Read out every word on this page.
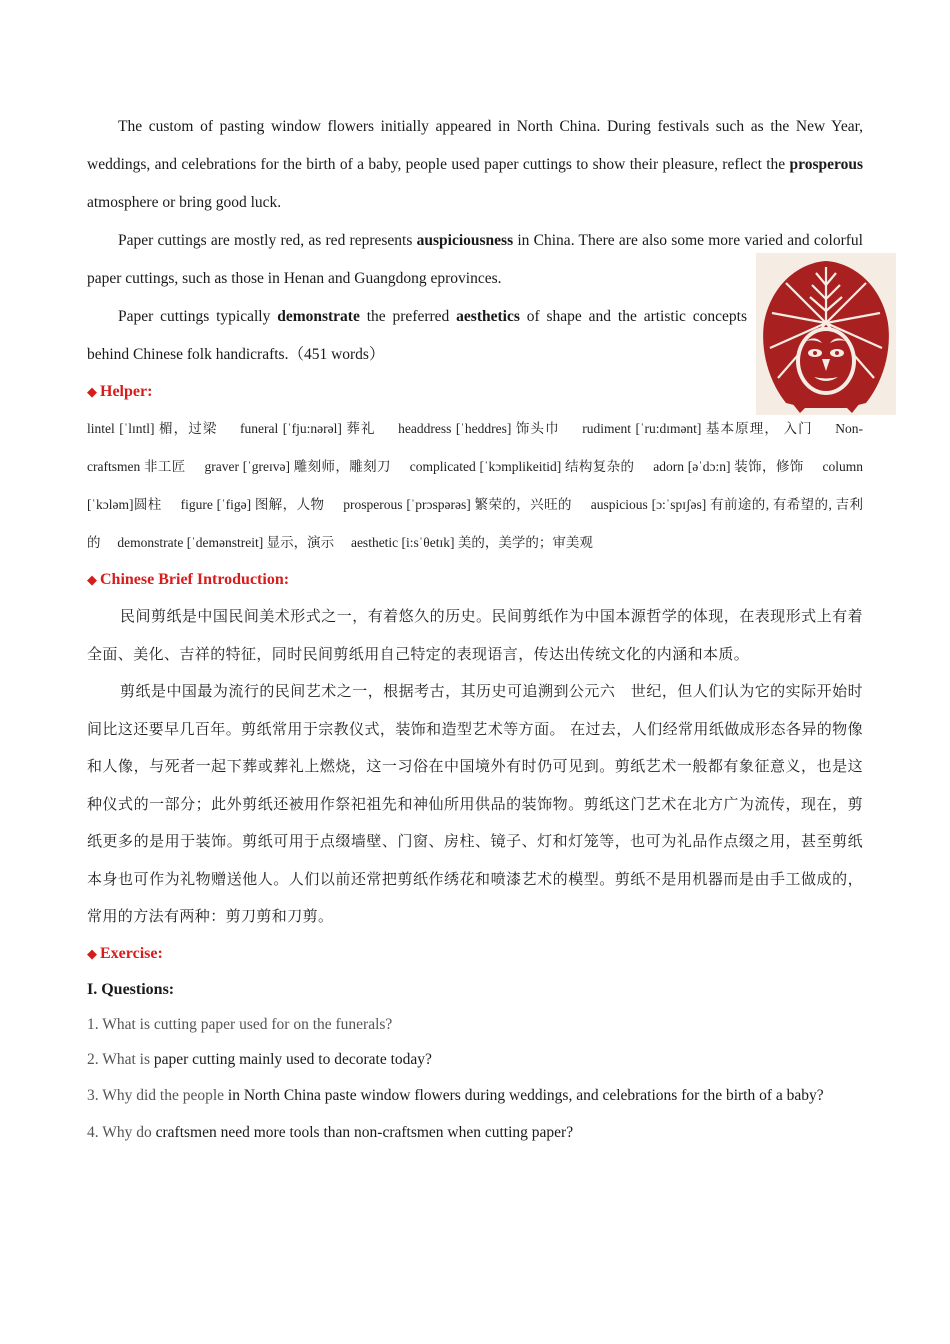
The custom of pasting window flowers initially appeared in North China. During festivals such as the New Year, weddings, and celebrations for the birth of a baby, people used paper cuttings to show their pleasure, reflect the prosperous atmosphere or bring good luck.

Paper cuttings are mostly red, as red represents auspiciousness in China. There are also some more varied and colorful paper cuttings, such as those in Henan and Guangdong eprovinces.

Paper cuttings typically demonstrate the preferred aesthetics of shape and the artistic concepts behind Chinese folk handicrafts.（451 words）

◆ Helper:

lintel [ˈlɪntl] 楣，过梁 funeral [ˈfju:nərəl] 葬礼 headdress [ˈheddres] 饰头巾 rudiment [ˈru:dɪmənt] 基本原理， 入门 Non-craftsmen 非工匠 graver [ˈgreɪvə] 雕刻师，雕刻刀 complicated [ˈkɔmplikeitid] 结构复杂的 adorn [əˈdɔ:n] 装饰，修饰 column [ˈkɔləm]圆柱 figure [ˈfigə] 图解，人物 prosperous [ˈprɔspərəs] 繁荣的，兴旺的 auspicious [ɔ:ˈspɪʃəs] 有前途的, 有希望的, 吉利的 demonstrate [ˈdemənstreit] 显示，演示 aesthetic [i:sˈθetɪk] 美的，美学的；审美观

◆ Chinese Brief Introduction:

民间剪纸是中国民间美术形式之一，有着悠久的历史。民间剪纸作为中国本源哲学的体现，在表现形式上有着全面、美化、吉祥的特征，同时民间剪纸用自己特定的表现语言，传达出传统文化的内涵和本质。

剪纸是中国最为流行的民间艺术之一，根据考古，其历史可追溯到公元六　世纪，但人们认为它的实际开始时间比这还要早几百年。剪纸常用于宗教仪式，装饰和造型艺术等方面。 在过去，人们经常用纸做成形态各异的物像和人像，与死者一起下葬或葬礼上燃烧，这一习俗在中国境外有时仍可见到。剪纸艺术一般都有象征意义，也是这种仪式的一部分；此外剪纸还被用作祭祀祖先和神仙所用供品的装饰物。剪纸这门艺术在北方广为流传，现在，剪纸更多的是用于装饰。剪纸可用于点缀墙壁、门窗、房柱、镜子、灯和灯笼等，也可为礼品作点缀之用，甚至剪纸本身也可作为礼物赠送他人。人们以前还常把剪纸作绣花和喷漆艺术的模型。剪纸不是用机器而是由手工做成的，常用的方法有两种：剪刀剪和刀剪。

◆ Exercise:

I. Questions:

1. What is cutting paper used for on the funerals?

2. What is paper cutting mainly used to decorate today?

3. Why did the people in North China paste window flowers during weddings, and celebrations for the birth of a baby?

4. Why do craftsmen need more tools than non-craftsmen when cutting paper?
